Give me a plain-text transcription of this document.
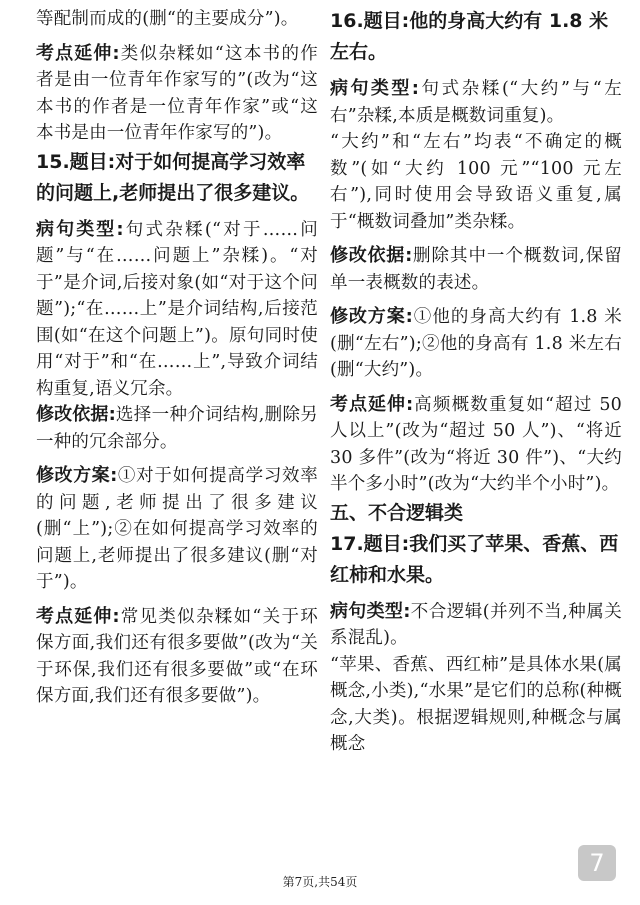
等配制而成的(删“的主要成分”)。

考点延伸:类似杂糅如“这本书的作者是由一位青年作家写的”(改为“这本书的作者是一位青年作家”或“这本书是由一位青年作家写的”)。

15.题目:对于如何提高学习效率的问题上,老师提出了很多建议。

病句类型:句式杂糅(“对于……问题”与“在……问题上”杂糅)。“对于”是介词,后接对象(如“对于这个问题”);“在……上”是介词结构,后接范围(如“在这个问题上”)。原句同时使用“对于”和“在……上”,导致介词结构重复,语义冗余。

修改依据:选择一种介词结构,删除另一种的冗余部分。

修改方案:①对于如何提高学习效率的问题,老师提出了很多建议(删“上”);②在如何提高学习效率的问题上,老师提出了很多建议(删“对于”)。

考点延伸:常见类似杂糅如“关于环保方面,我们还有很多要做”(改为“关于环保,我们还有很多要做”或“在环保方面,我们还有很多要做”)。

16.题目:他的身高大约有 1.8 米左右。

病句类型:句式杂糅(“大约”与“左右”杂糅,本质是概数词重复)。

“大约”和“左右”均表“不确定的概数”(如“大约 100 元”“100 元左右”),同时使用会导致语义重复,属于“概数词叠加”类杂糅。

修改依据:删除其中一个概数词,保留单一表概数的表述。

修改方案:①他的身高大约有 1.8 米(删“左右”);②他的身高有 1.8 米左右(删“大约”)。

考点延伸:高频概数重复如“超过 50 人以上”(改为“超过 50 人”)、“将近 30 多件”(改为“将近 30 件”)、“大约半个多小时”(改为“大约半个小时”)。

五、不合逻辑类

17.题目:我们买了苹果、香蕉、西红柿和水果。

病句类型:不合逻辑(并列不当,种属关系混乱)。

“苹果、香蕉、西红柿”是具体水果(属概念,小类),“水果”是它们的总称(种概念,大类)。根据逻辑规则,种概念与属概念

7
第7页,共54页
